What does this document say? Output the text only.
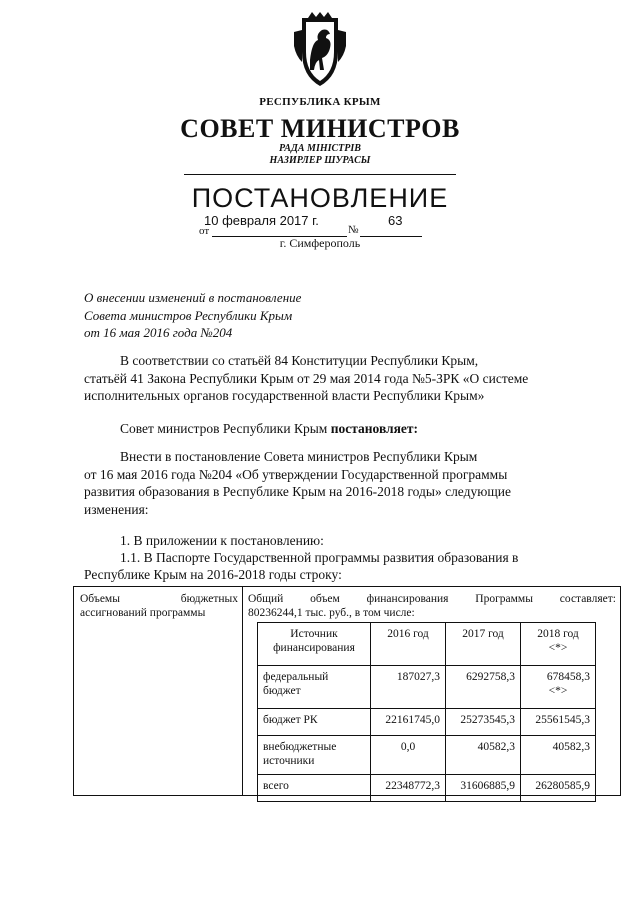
РЕСПУБЛИКА КРЫМ
СОВЕТ МИНИСТРОВ
РАДА МІНІСТРІВ
НАЗИРЛЕР ШУРАСЫ
ПОСТАНОВЛЕНИЕ
10 февраля 2017 г.	63
от	№
г. Симферополь
О внесении изменений в постановление
Совета министров Республики Крым
от 16 мая 2016 года №204
В соответствии со статьёй 84 Конституции Республики Крым,
статьёй 41 Закона Республики Крым от 29 мая 2014 года №5-ЗРК «О системе
исполнительных органов государственной власти Республики Крым»
Совет министров Республики Крым постановляет:
Внести в постановление Совета министров Республики Крым
от 16 мая 2016 года №204 «Об утверждении Государственной программы
развития образования в Республике Крым на 2016-2018 годы» следующие
изменения:
1. В приложении к постановлению:
1.1. В Паспорте Государственной программы развития образования в
Республике Крым на 2016-2018 годы строку:
Объемы	бюджетных
ассигнований программы
Общий объем финансирования Программы составляет:
80236244,1 тыс. руб., в том числе:
Источник финансирования	2016 год	2017 год	2018 год
<*>

федеральный бюджет	187027,3	6292758,3	678458,3
<*>

бюджет РК	22161745,0	25273545,3	25561545,3
внебюджетные источники	0,0	40582,3	40582,3
всего	22348772,3	31606885,9	26280585,9
